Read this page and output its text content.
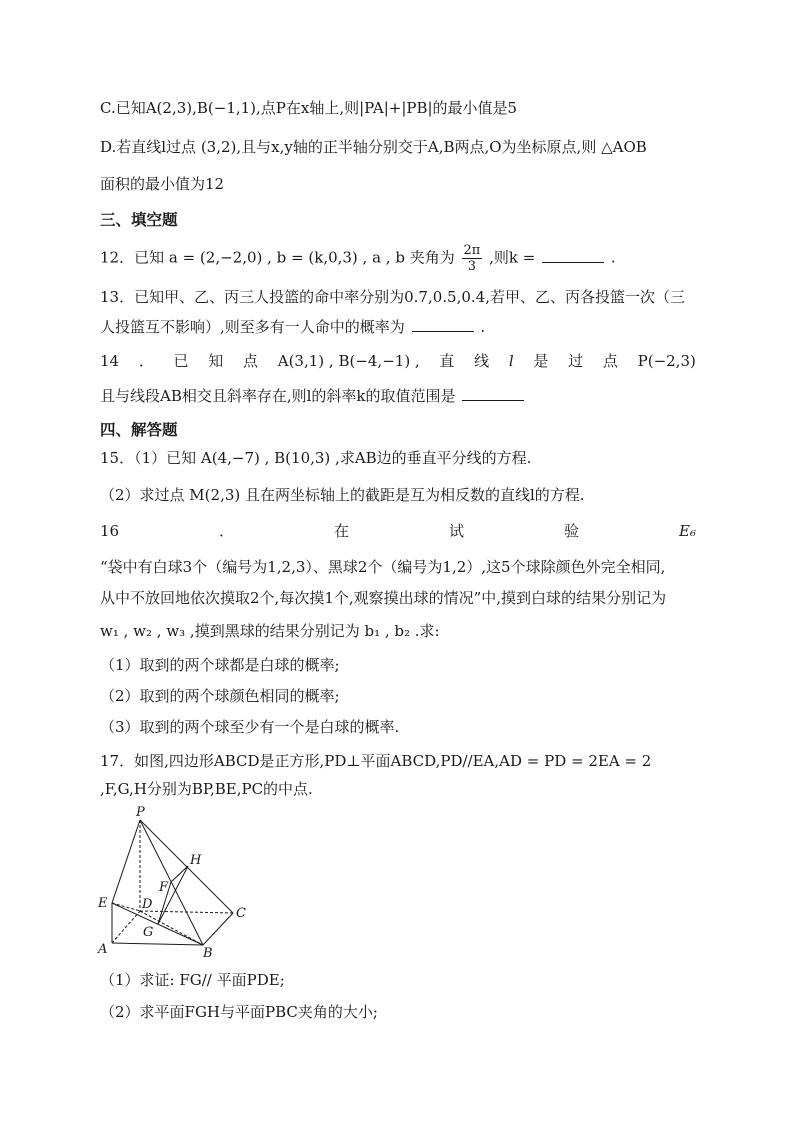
C.已知A(2,3),B(−1,1),点P在x轴上,则|PA|+|PB|的最小值是5
D.若直线l过点 (3,2),且与x,y轴的正半轴分别交于A,B两点,O为坐标原点,则 △AOB
面积的最小值为12
三、填空题
12．已知 a = (2,−2,0) , b = (k,0,3) , a , b 夹角为 $\frac{2\pi}{3}$ ,则k =	.
13．已知甲、乙、丙三人投篮的命中率分别为0.7,0.5,0.4,若甲、乙、丙各投篮一次（三
人投篮互不影响）,则至多有一人命中的概率为	.
14 ． 已 知 点 A(3,1) , B(−4,−1) , 直 线 l 是 过 点 P(−2,3)
且与线段AB相交且斜率存在,则l的斜率k的取值范围是
四、解答题
15．（1）已知 A(4,−7) , B(10,3) ,求AB边的垂直平分线的方程.
（2）求过点 M(2,3) 且在两坐标轴上的截距是互为相反数的直线l的方程.
16	．	在	试	验	E₆
“袋中有白球3个（编号为1,2,3）、黑球2个（编号为1,2）,这5个球除颜色外完全相同,
从中不放回地依次摸取2个,每次摸1个,观察摸出球的情况”中,摸到白球的结果分别记为
w₁ , w₂ , w₃ ,摸到黑球的结果分别记为 b₁ , b₂ .求:
（1）取到的两个球都是白球的概率;
（2）取到的两个球颜色相同的概率;
（3）取到的两个球至少有一个是白球的概率.
17．如图,四边形ABCD是正方形,PD⊥平面ABCD,PD//EA,AD = PD = 2EA = 2
,F,G,H分别为BP,BE,PC的中点.
P
H
F
E	D
C
G
A	B
（1）求证: FG// 平面PDE;
（2）求平面FGH与平面PBC夹角的大小;
